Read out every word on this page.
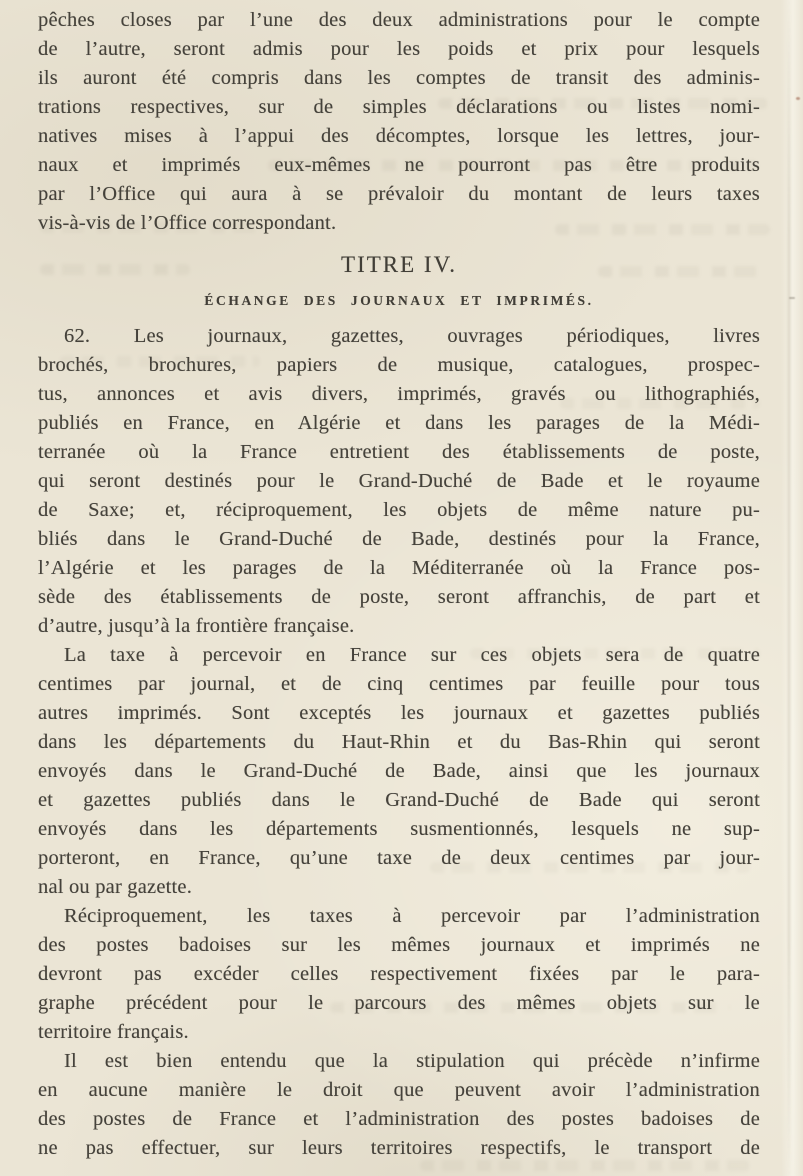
pêches closes par l’une des deux administrations pour le compte
de l’autre, seront admis pour les poids et prix pour lesquels
ils auront été compris dans les comptes de transit des adminis-
trations respectives, sur de simples déclarations ou listes nomi-
natives mises à l’appui des décomptes, lorsque les lettres, jour-
naux et imprimés eux-mêmes ne pourront pas être produits
par l’Office qui aura à se prévaloir du montant de leurs taxes
vis-à-vis de l’Office correspondant.
TITRE IV.
ÉCHANGE DES JOURNAUX ET IMPRIMÉS.
62. Les journaux, gazettes, ouvrages périodiques, livres
brochés, brochures, papiers de musique, catalogues, prospec-
tus, annonces et avis divers, imprimés, gravés ou lithographiés,
publiés en France, en Algérie et dans les parages de la Médi-
terranée où la France entretient des établissements de poste,
qui seront destinés pour le Grand-Duché de Bade et le royaume
de Saxe; et, réciproquement, les objets de même nature pu-
bliés dans le Grand-Duché de Bade, destinés pour la France,
l’Algérie et les parages de la Méditerranée où la France pos-
sède des établissements de poste, seront affranchis, de part et
d’autre, jusqu’à la frontière française.
La taxe à percevoir en France sur ces objets sera de quatre
centimes par journal, et de cinq centimes par feuille pour tous
autres imprimés. Sont exceptés les journaux et gazettes publiés
dans les départements du Haut-Rhin et du Bas-Rhin qui seront
envoyés dans le Grand-Duché de Bade, ainsi que les journaux
et gazettes publiés dans le Grand-Duché de Bade qui seront
envoyés dans les départements susmentionnés, lesquels ne sup-
porteront, en France, qu’une taxe de deux centimes par jour-
nal ou par gazette.
Réciproquement, les taxes à percevoir par l’administration
des postes badoises sur les mêmes journaux et imprimés ne
devront pas excéder celles respectivement fixées par le para-
graphe précédent pour le parcours des mêmes objets sur le
territoire français.
Il est bien entendu que la stipulation qui précède n’infirme
en aucune manière le droit que peuvent avoir l’administration
des postes de France et l’administration des postes badoises de
ne pas effectuer, sur leurs territoires respectifs, le transport de
